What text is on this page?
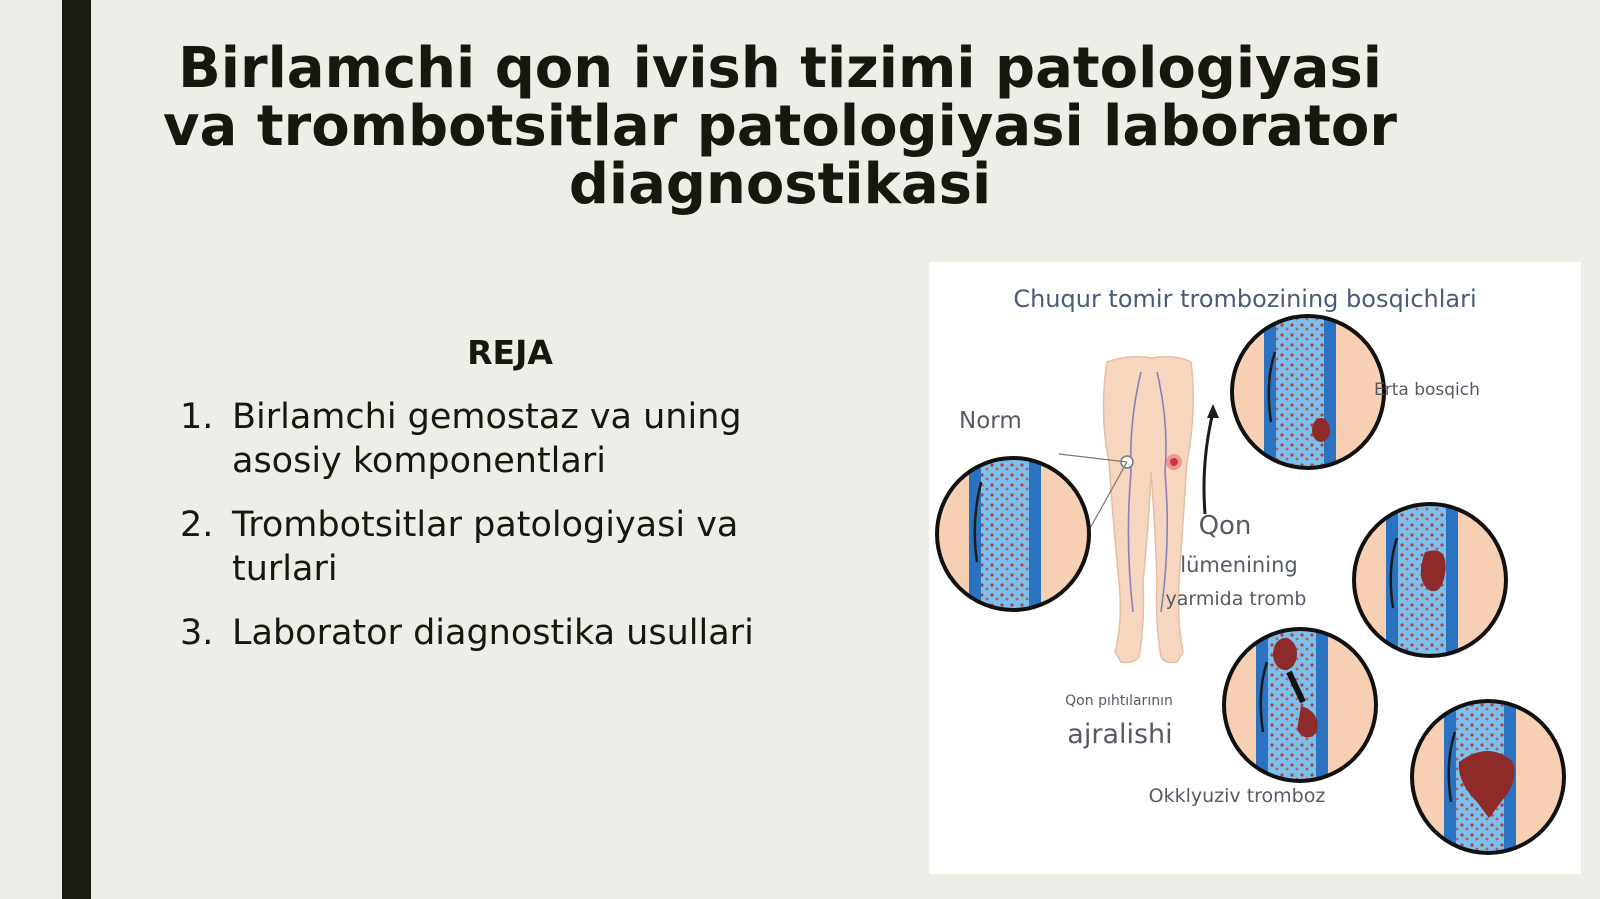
Birlamchi qon ivish tizimi patologiyasi
va trombotsitlar patologiyasi laborator
diagnostikasi
REJA
1. Birlamchi gemostaz va uning
asosiy komponentlari
2. Trombotsitlar patologiyasi va
turlari
3. Laborator diagnostika usullari
Chuqur tomir trombozining bosqichlari
Norm
Erta bosqich
Qon
lümenining
yarmida tromb
Qon pıhtılarının
ajralishi
Okklyuziv tromboz
